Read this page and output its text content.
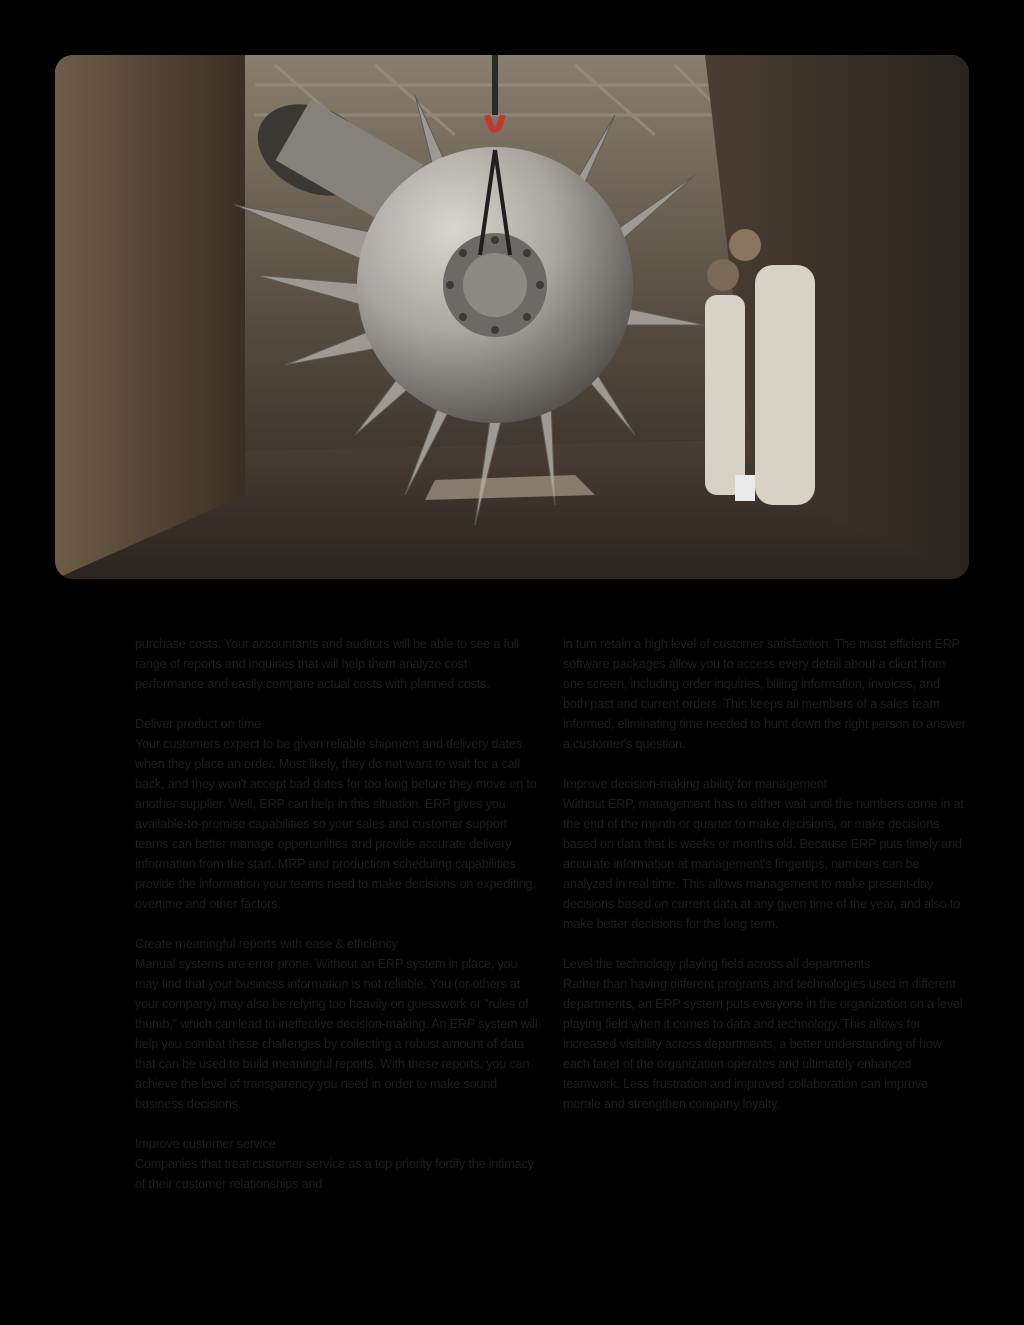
purchase costs. Your accountants and auditors will be able to see a full range of reports and inquiries that will help them analyze cost performance and easily compare actual costs with planned costs.

Deliver product on time

Your customers expect to be given reliable shipment and delivery dates when they place an order. Most likely, they do not want to wait for a call back, and they won't accept bad dates for too long before they move on to another supplier. Well, ERP can help in this situation. ERP gives you available-to-promise capabilities so your sales and customer support teams can better manage opportunities and provide accurate delivery information from the start. MRP and production scheduling capabilities provide the information your teams need to make decisions on expediting, overtime and other factors.

Create meaningful reports with ease & efficiency

Manual systems are error prone. Without an ERP system in place, you may find that your business information is not reliable. You (or others at your company) may also be relying too heavily on guesswork or "rules of thumb," which can lead to ineffective decision-making. An ERP system will help you combat these challenges by collecting a robust amount of data that can be used to build meaningful reports. With these reports, you can achieve the level of transparency you need in order to make sound business decisions.

Improve customer service

Companies that treat customer service as a top priority fortify the intimacy of their customer relationships and

in turn retain a high level of customer satisfaction. The most efficient ERP software packages allow you to access every detail about a client from one screen, including order inquiries, billing information, invoices, and both past and current orders. This keeps all members of a sales team informed, eliminating time needed to hunt down the right person to answer a customer's question.

Improve decision-making ability for management

Without ERP, management has to either wait until the numbers come in at the end of the month or quarter to make decisions, or make decisions based on data that is weeks or months old. Because ERP puts timely and accurate information at management's fingertips, numbers can be analyzed in real time. This allows management to make present-day decisions based on current data at any given time of the year, and also to make better decisions for the long term.

Level the technology playing field across all departments

Rather than having different programs and technologies used in different departments, an ERP system puts everyone in the organization on a level playing field when it comes to data and technology. This allows for increased visibility across departments, a better understanding of how each facet of the organization operates and ultimately enhanced teamwork. Less frustration and improved collaboration can improve morale and strengthen company loyalty.
